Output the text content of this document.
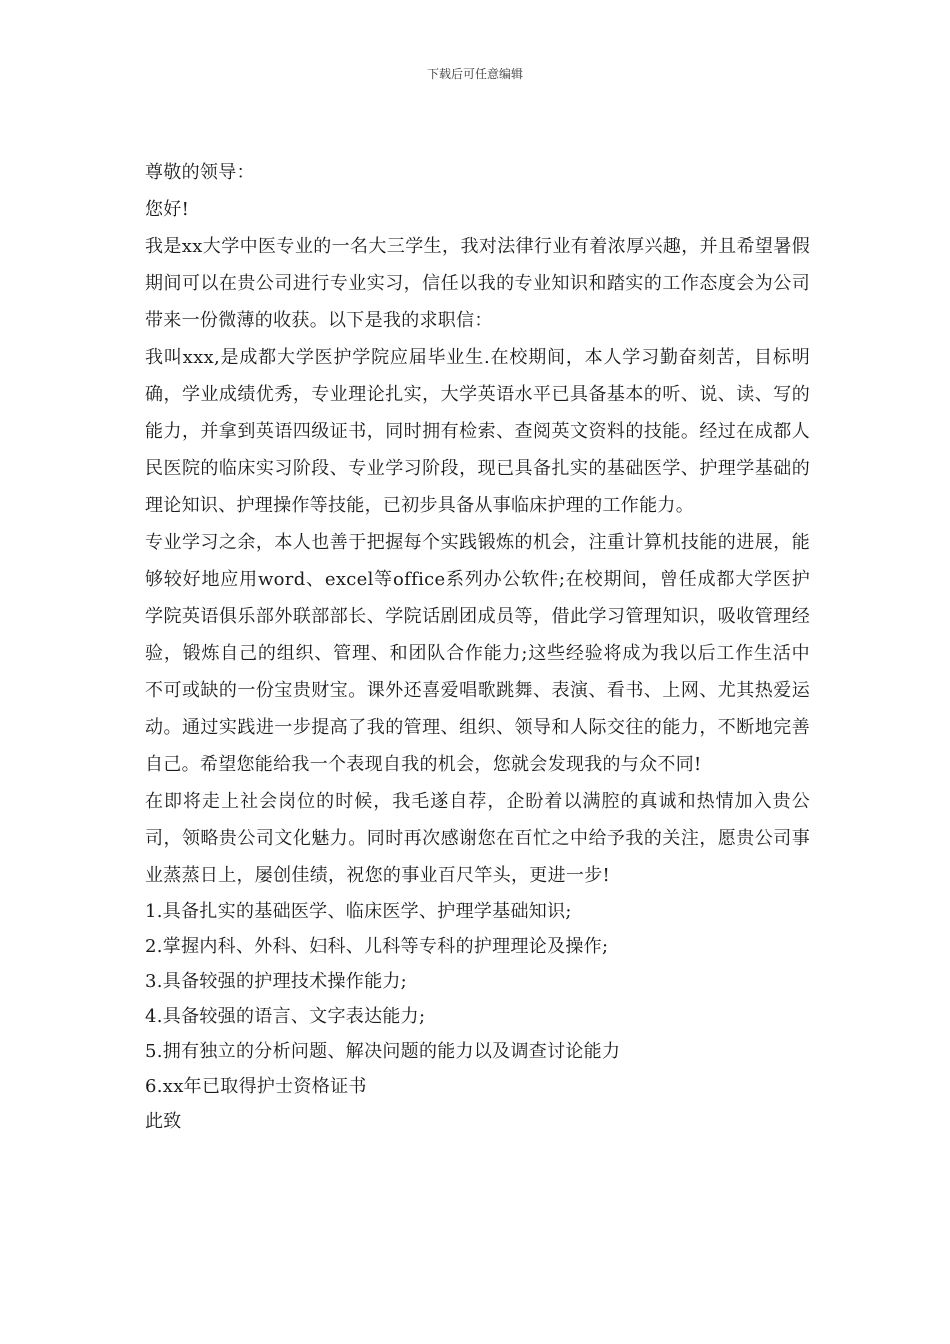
下载后可任意编辑

尊敬的领导：

您好!

我是xx大学中医专业的一名大三学生，我对法律行业有着浓厚兴趣，并且希望暑假期间可以在贵公司进行专业实习，信任以我的专业知识和踏实的工作态度会为公司带来一份微薄的收获。以下是我的求职信：

我叫xxx,是成都大学医护学院应届毕业生.在校期间，本人学习勤奋刻苦，目标明确，学业成绩优秀，专业理论扎实，大学英语水平已具备基本的听、说、读、写的能力，并拿到英语四级证书，同时拥有检索、查阅英文资料的技能。经过在成都人民医院的临床实习阶段、专业学习阶段，现已具备扎实的基础医学、护理学基础的理论知识、护理操作等技能，已初步具备从事临床护理的工作能力。

专业学习之余，本人也善于把握每个实践锻炼的机会，注重计算机技能的进展，能够较好地应用word、excel等office系列办公软件;在校期间，曾任成都大学医护学院英语俱乐部外联部部长、学院话剧团成员等，借此学习管理知识，吸收管理经验，锻炼自己的组织、管理、和团队合作能力;这些经验将成为我以后工作生活中不可或缺的一份宝贵财宝。课外还喜爱唱歌跳舞、表演、看书、上网、尤其热爱运动。通过实践进一步提高了我的管理、组织、领导和人际交往的能力，不断地完善自己。希望您能给我一个表现自我的机会，您就会发现我的与众不同!

在即将走上社会岗位的时候，我毛遂自荐，企盼着以满腔的真诚和热情加入贵公司，领略贵公司文化魅力。同时再次感谢您在百忙之中给予我的关注，愿贵公司事业蒸蒸日上，屡创佳绩，祝您的事业百尺竿头，更进一步!

1.具备扎实的基础医学、临床医学、护理学基础知识;

2.掌握内科、外科、妇科、儿科等专科的护理理论及操作;

3.具备较强的护理技术操作能力;

4.具备较强的语言、文字表达能力;

5.拥有独立的分析问题、解决问题的能力以及调查讨论能力

6.xx年已取得护士资格证书

此致
